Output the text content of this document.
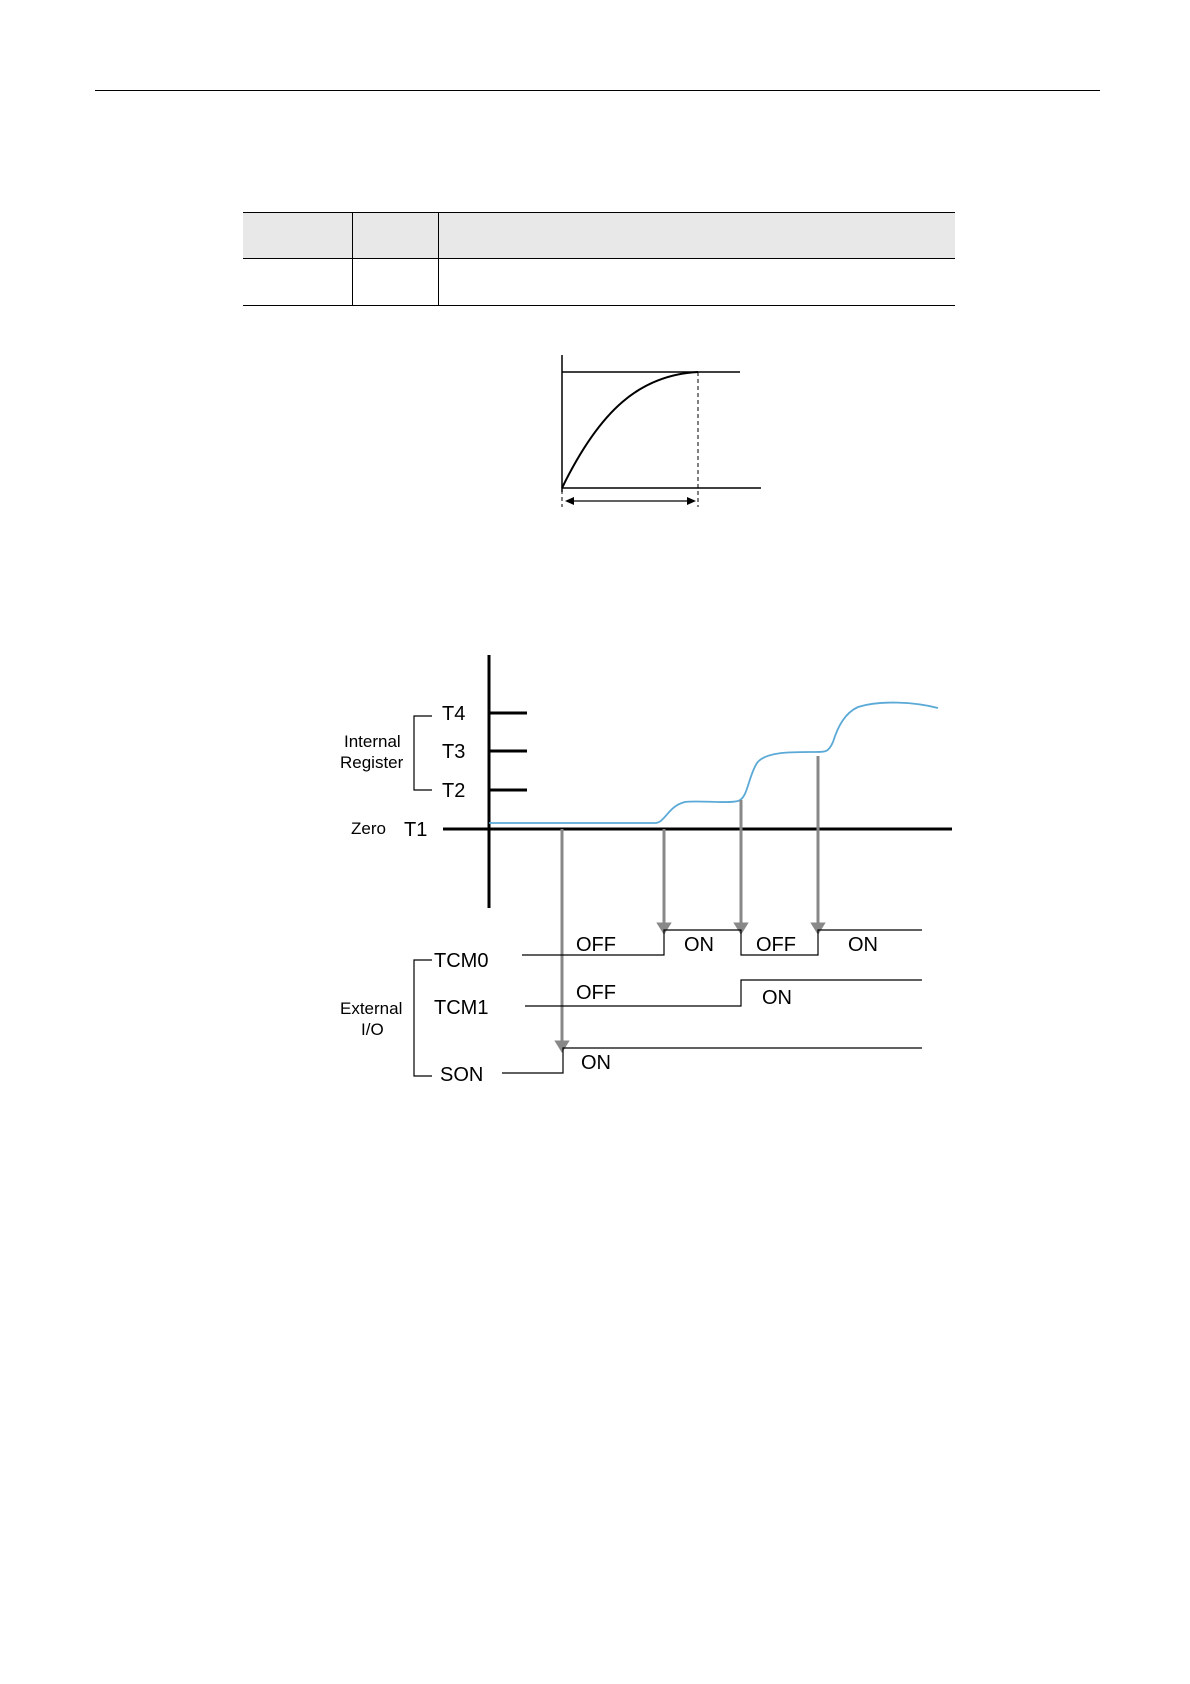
T4
T3
T2
T1
Zero
Internal
Register
TCM0
TCM1
SON
External
I/O
OFF	ON OFF	ON
OFF	ON
ON
